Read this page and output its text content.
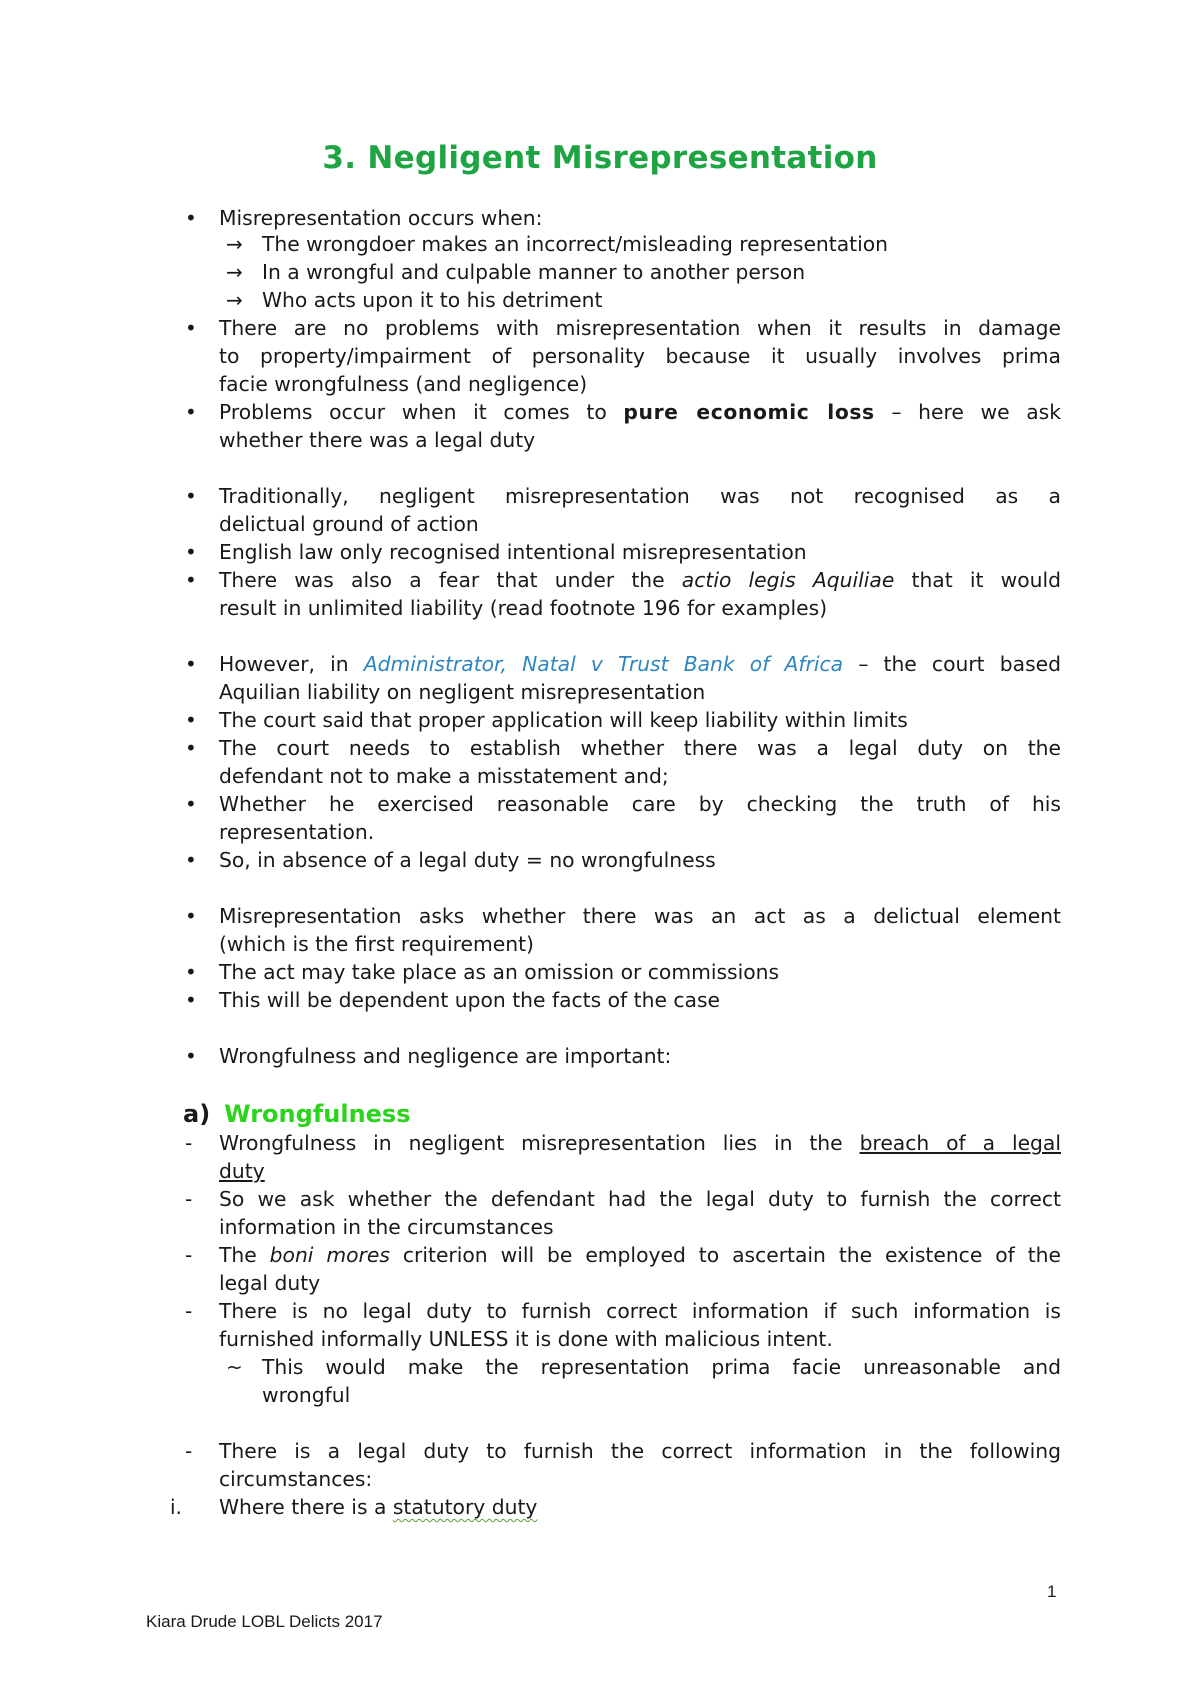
3. Negligent Misrepresentation
• Misrepresentation occurs when:
→ The wrongdoer makes an incorrect/misleading representation
→ In a wrongful and culpable manner to another person
→ Who acts upon it to his detriment
• There are no problems with misrepresentation when it results in damage
to property/impairment of personality because it usually involves prima
facie wrongfulness (and negligence)
• Problems occur when it comes to pure economic loss – here we ask
whether there was a legal duty
• Traditionally, negligent misrepresentation was not recognised as a
delictual ground of action
• English law only recognised intentional misrepresentation
• There was also a fear that under the actio legis Aquiliae that it would
result in unlimited liability (read footnote 196 for examples)
• However, in Administrator, Natal v Trust Bank of Africa – the court based
Aquilian liability on negligent misrepresentation
• The court said that proper application will keep liability within limits
• The court needs to establish whether there was a legal duty on the
defendant not to make a misstatement and;
• Whether he exercised reasonable care by checking the truth of his
representation.
• So, in absence of a legal duty = no wrongfulness
• Misrepresentation asks whether there was an act as a delictual element
(which is the first requirement)
• The act may take place as an omission or commissions
• This will be dependent upon the facts of the case
• Wrongfulness and negligence are important:
a) Wrongfulness
- Wrongfulness in negligent misrepresentation lies in the breach of a legal
duty
- So we ask whether the defendant had the legal duty to furnish the correct
information in the circumstances
- The boni mores criterion will be employed to ascertain the existence of the
legal duty
- There is no legal duty to furnish correct information if such information is
furnished informally UNLESS it is done with malicious intent.
~ This would make the representation prima facie unreasonable and
wrongful
- There is a legal duty to furnish the correct information in the following
circumstances:
i. Where there is a statutory duty
1
Kiara Drude LOBL Delicts 2017
